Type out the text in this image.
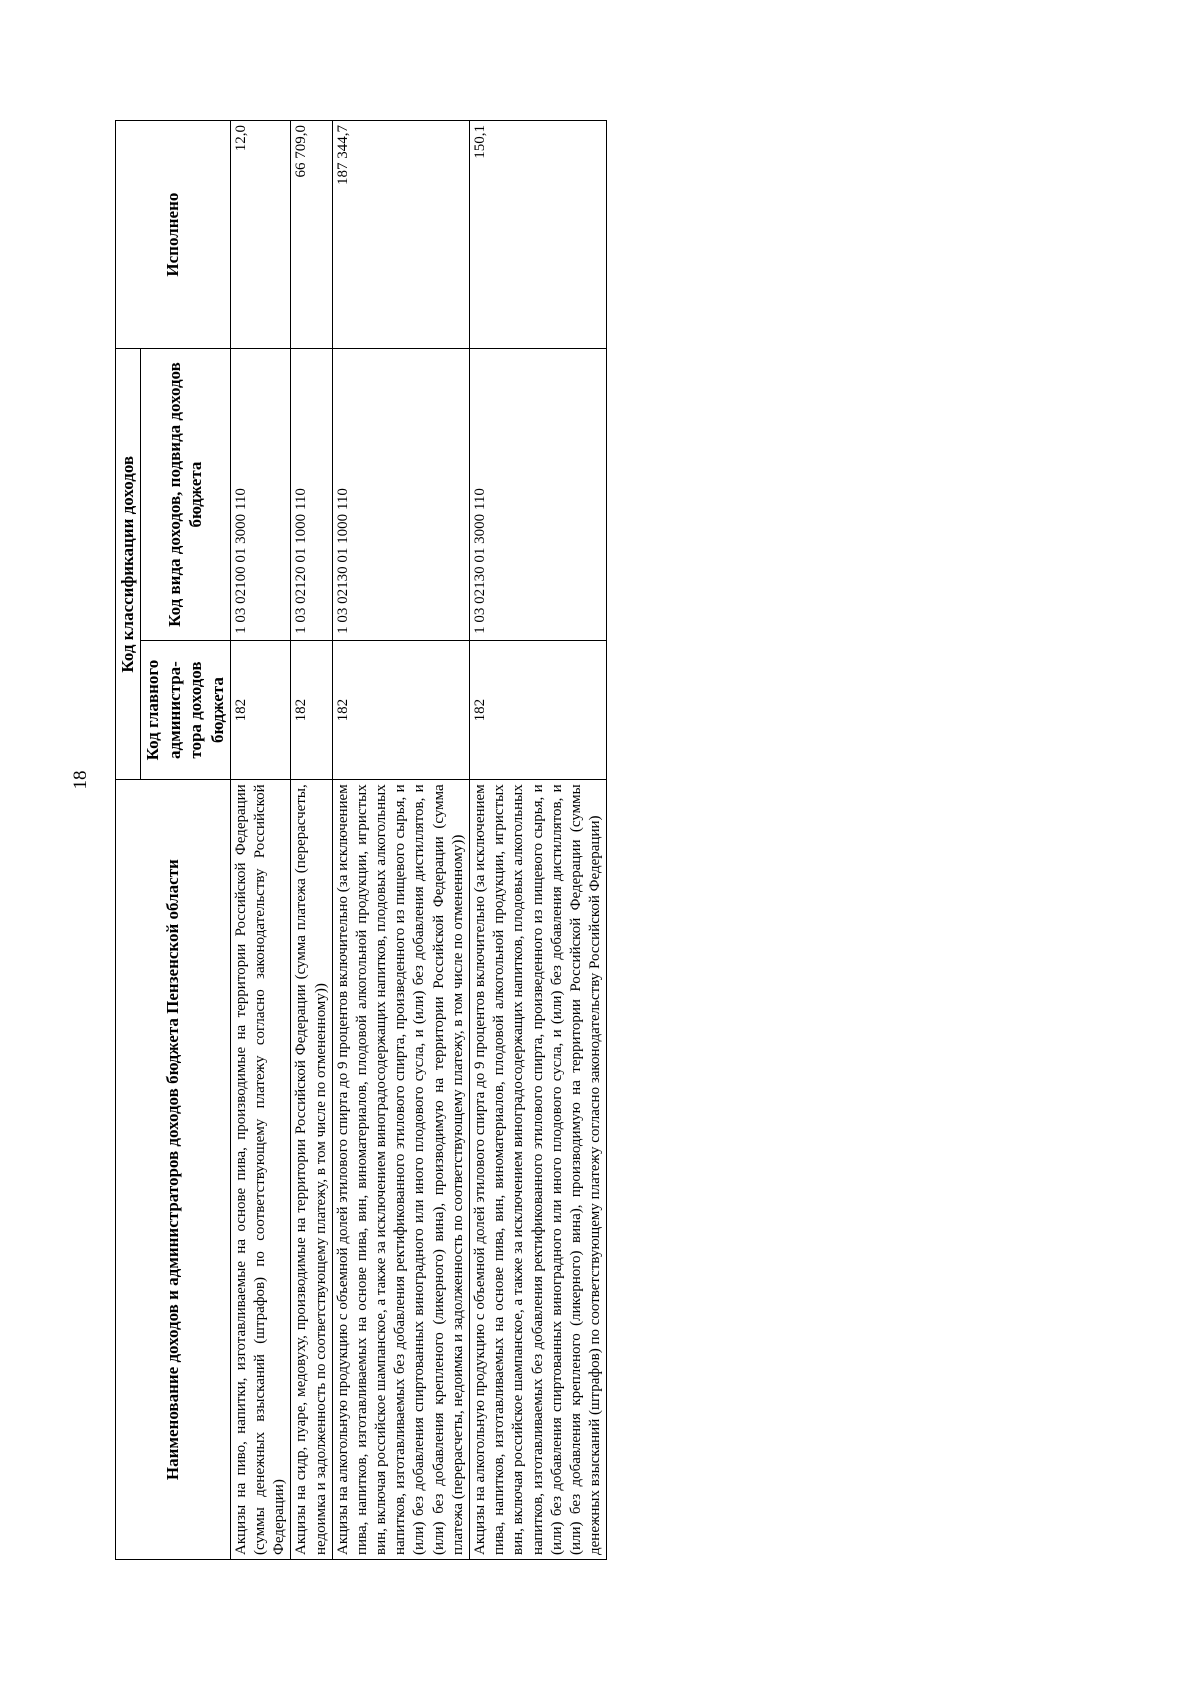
18
Наименование доходов и администраторов доходов бюджета Пензенской области	Код классификации доходов		Исполнено
	Код главного администра-тора доходов бюджета	Код вида доходов, подвида доходов бюджета	
Акцизы на пиво, напитки, изготавливаемые на основе пива, производимые на территории Российской Федерации (суммы денежных взысканий (штрафов) по соответствующему платежу согласно законодательству Российской Федерации)	182	1 03 02100 01 3000 110	12,0
Акцизы на сидр, пуаре, медовуху, производимые на территории Российской Федерации (сумма платежа (перерасчеты, недоимка и задолженность по соответствующему платежу, в том числе по отмененному))	182	1 03 02120 01 1000 110	66 709,0
Акцизы на алкогольную продукцию с объемной долей этилового спирта до 9 процентов включительно (за исключением пива, напитков, изготавливаемых на основе пива, вин, виноматериалов, плодовой алкогольной продукции, игристых вин, включая российское шампанское, а также за исключением виноградосодержащих напитков, плодовых алкогольных напитков, изготавливаемых без добавления ректификованного этилового спирта, произведенного из пищевого сырья, и (или) без добавления спиртованных виноградного или иного плодового сусла, и (или) без добавления дистиллятов, и (или) без добавления крепленого (ликерного) вина), производимую на территории Российской Федерации (сумма платежа (перерасчеты, недоимка и задолженность по соответствующему платежу, в том числе по отмененному))	182	1 03 02130 01 1000 110	187 344,7
Акцизы на алкогольную продукцию с объемной долей этилового спирта до 9 процентов включительно (за исключением пива, напитков, изготавливаемых на основе пива, вин, виноматериалов, плодовой алкогольной продукции, игристых вин, включая российское шампанское, а также за исключением виноградосодержащих напитков, плодовых алкогольных напитков, изготавливаемых без добавления ректификованного этилового спирта, произведенного из пищевого сырья, и (или) без добавления спиртованных виноградного или иного плодового сусла, и (или) без добавления дистиллятов, и (или) без добавления крепленого (ликерного) вина), производимую на территории Российской Федерации (суммы денежных взысканий (штрафов) по соответствующему платежу согласно законодательству Российской Федерации)	182	1 03 02130 01 3000 110	150,1
